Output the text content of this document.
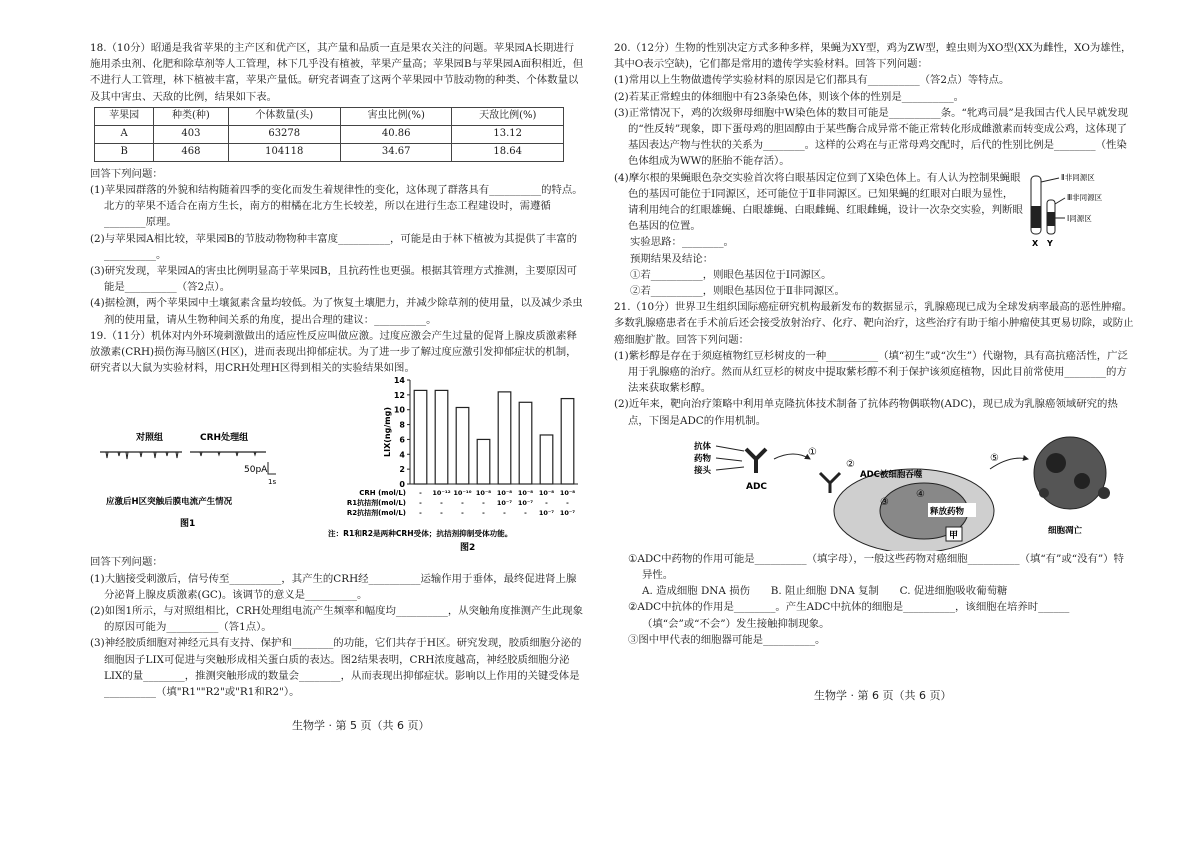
18.（10分）昭通是我省苹果的主产区和优产区，其产量和品质一直是果农关注的问题。苹果园A长期进行施用杀虫剂、化肥和除草剂等人工管理，林下几乎没有植被，苹果产量高；苹果园B与苹果园A面积相近，但不进行人工管理，林下植被丰富，苹果产量低。研究者调查了这两个苹果园中节肢动物的种类、个体数量以及其中害虫、天敌的比例，结果如下表。

苹果园	种类(种)	个体数量(头)	害虫比例(%)	天敌比例(%)
A	403	63278	40.86	13.12
B	468	104118	34.67	18.64

回答下列问题：

(1)苹果园群落的外貌和结构随着四季的变化而发生着规律性的变化，这体现了群落具有__________的特点。北方的苹果不适合在南方生长，南方的柑橘在北方生长较差，所以在进行生态工程建设时，需遵循________原理。

(2)与苹果园A相比较，苹果园B的节肢动物物种丰富度__________，可能是由于林下植被为其提供了丰富的__________。

(3)研究发现，苹果园A的害虫比例明显高于苹果园B，且抗药性也更强。根据其管理方式推测，主要原因可能是__________（答2点）。

(4)据检测，两个苹果园中土壤氮素含量均较低。为了恢复土壤肥力，并减少除草剂的使用量，以及减少杀虫剂的使用量，请从生物种间关系的角度，提出合理的建议：__________。

19.（11分）机体对内外环境刺激做出的适应性反应叫做应激。过度应激会产生过量的促肾上腺皮质激素释放激素(CRH)损伤海马脑区(H区)，进而表现出抑郁症状。为了进一步了解过度应激引发抑郁症状的机制，研究者以大鼠为实验材料，用CRH处理H区得到相关的实验结果如图。

对照组	CRH处理组
50pA
1s
应激后H区突触后膜电流产生情况
图1
0
2
4
6
8
10
12
14
LIX(ng/mg)
CRH (mol/L) - 10⁻¹² 10⁻¹⁰ 10⁻⁸ 10⁻⁸ 10⁻⁸ 10⁻⁸ 10⁻⁸
R1抗拮剂(mol/L) -	-	-	- 10⁻⁷ 10⁻⁷ -	-
R2抗拮剂(mol/L) -	-	-	-	-	- 10⁻⁷ 10⁻⁷
注：R1和R2是两种CRH受体；抗拮剂抑制受体功能。
图2

回答下列问题：

(1)大脑接受刺激后，信号传至__________，其产生的CRH经__________运输作用于垂体，最终促进肾上腺分泌肾上腺皮质激素(GC)。该调节的意义是__________。

(2)如图1所示，与对照组相比，CRH处理组电流产生频率和幅度均__________，从突触角度推测产生此现象的原因可能为__________（答1点）。

(3)神经胶质细胞对神经元具有支持、保护和________的功能，它们共存于H区。研究发现，胶质细胞分泌的细胞因子LIX可促进与突触形成相关蛋白质的表达。图2结果表明，CRH浓度越高，神经胶质细胞分泌LIX的量________，推测突触形成的数量会________，从而表现出抑郁症状。影响以上作用的关键受体是__________（填"R1""R2"或"R1和R2"）。

生物学 · 第 5 页（共 6 页）

20.（12分）生物的性别决定方式多种多样，果蝇为XY型，鸡为ZW型，蝗虫则为XO型(XX为雌性，XO为雄性，其中O表示空缺)，它们都是常用的遗传学实验材料。回答下列问题：

(1)常用以上生物做遗传学实验材料的原因是它们都具有__________（答2点）等特点。

(2)若某正常蝗虫的体细胞中有23条染色体，则该个体的性别是__________。

(3)正常情况下，鸡的次级卵母细胞中W染色体的数目可能是__________条。“牝鸡司晨”是我国古代人民早就发现的“性反转”现象，即下蛋母鸡的胆固醇由于某些酶合成异常不能正常转化形成雌激素而转变成公鸡，这体现了基因表达产物与性状的关系为________。这样的公鸡在与正常母鸡交配时，后代的性别比例是________（性染色体组成为WW的胚胎不能存活）。

(4)摩尔根的果蝇眼色杂交实验首次将白眼基因定位到了X染色体上。有人认为控制果蝇眼色的基因可能位于Ⅰ同源区，还可能位于Ⅱ非同源区。已知果蝇的红眼对白眼为显性，请利用纯合的红眼雄蝇、白眼雄蝇、白眼雌蝇、红眼雌蝇，设计一次杂交实验，判断眼色基因的位置。

Ⅱ非同源区
Ⅲ非同源区
Ⅰ同源区
X Y

实验思路：________。

预期结果及结论：

①若__________，则眼色基因位于Ⅰ同源区。

②若__________，则眼色基因位于Ⅱ非同源区。

21.（10分）世界卫生组织国际癌症研究机构最新发布的数据显示，乳腺癌现已成为全球发病率最高的恶性肿瘤。多数乳腺癌患者在手术前后还会接受放射治疗、化疗、靶向治疗，这些治疗有助于缩小肿瘤使其更易切除，或防止癌细胞扩散。回答下列问题：

(1)紫杉醇是存在于须庭植物红豆杉树皮的一种__________（填“初生”或“次生”）代谢物，具有高抗癌活性，广泛用于乳腺癌的治疗。然而从红豆杉的树皮中提取紫杉醇不利于保护该须庭植物，因此目前常使用________的方法来获取紫杉醇。

(2)近年来，靶向治疗策略中利用单克隆抗体技术制备了抗体药物偶联物(ADC)，现已成为乳腺癌领域研究的热点，下图是ADC的作用机制。

抗体
药物
接头
ADC
①
②
ADC被细胞吞噬
③
④
释放药物
甲
⑤
细胞凋亡

①ADC中药物的作用可能是__________（填字母），一般这些药物对癌细胞__________（填“有”或“没有”）特异性。

A. 造成细胞 DNA 损伤　　B. 阻止细胞 DNA 复制　　C. 促进细胞吸收葡萄糖

②ADC中抗体的作用是________。产生ADC中抗体的细胞是__________，该细胞在培养时______（填“会”或“不会”）发生接触抑制现象。

③图中甲代表的细胞器可能是__________。

生物学 · 第 6 页（共 6 页）
